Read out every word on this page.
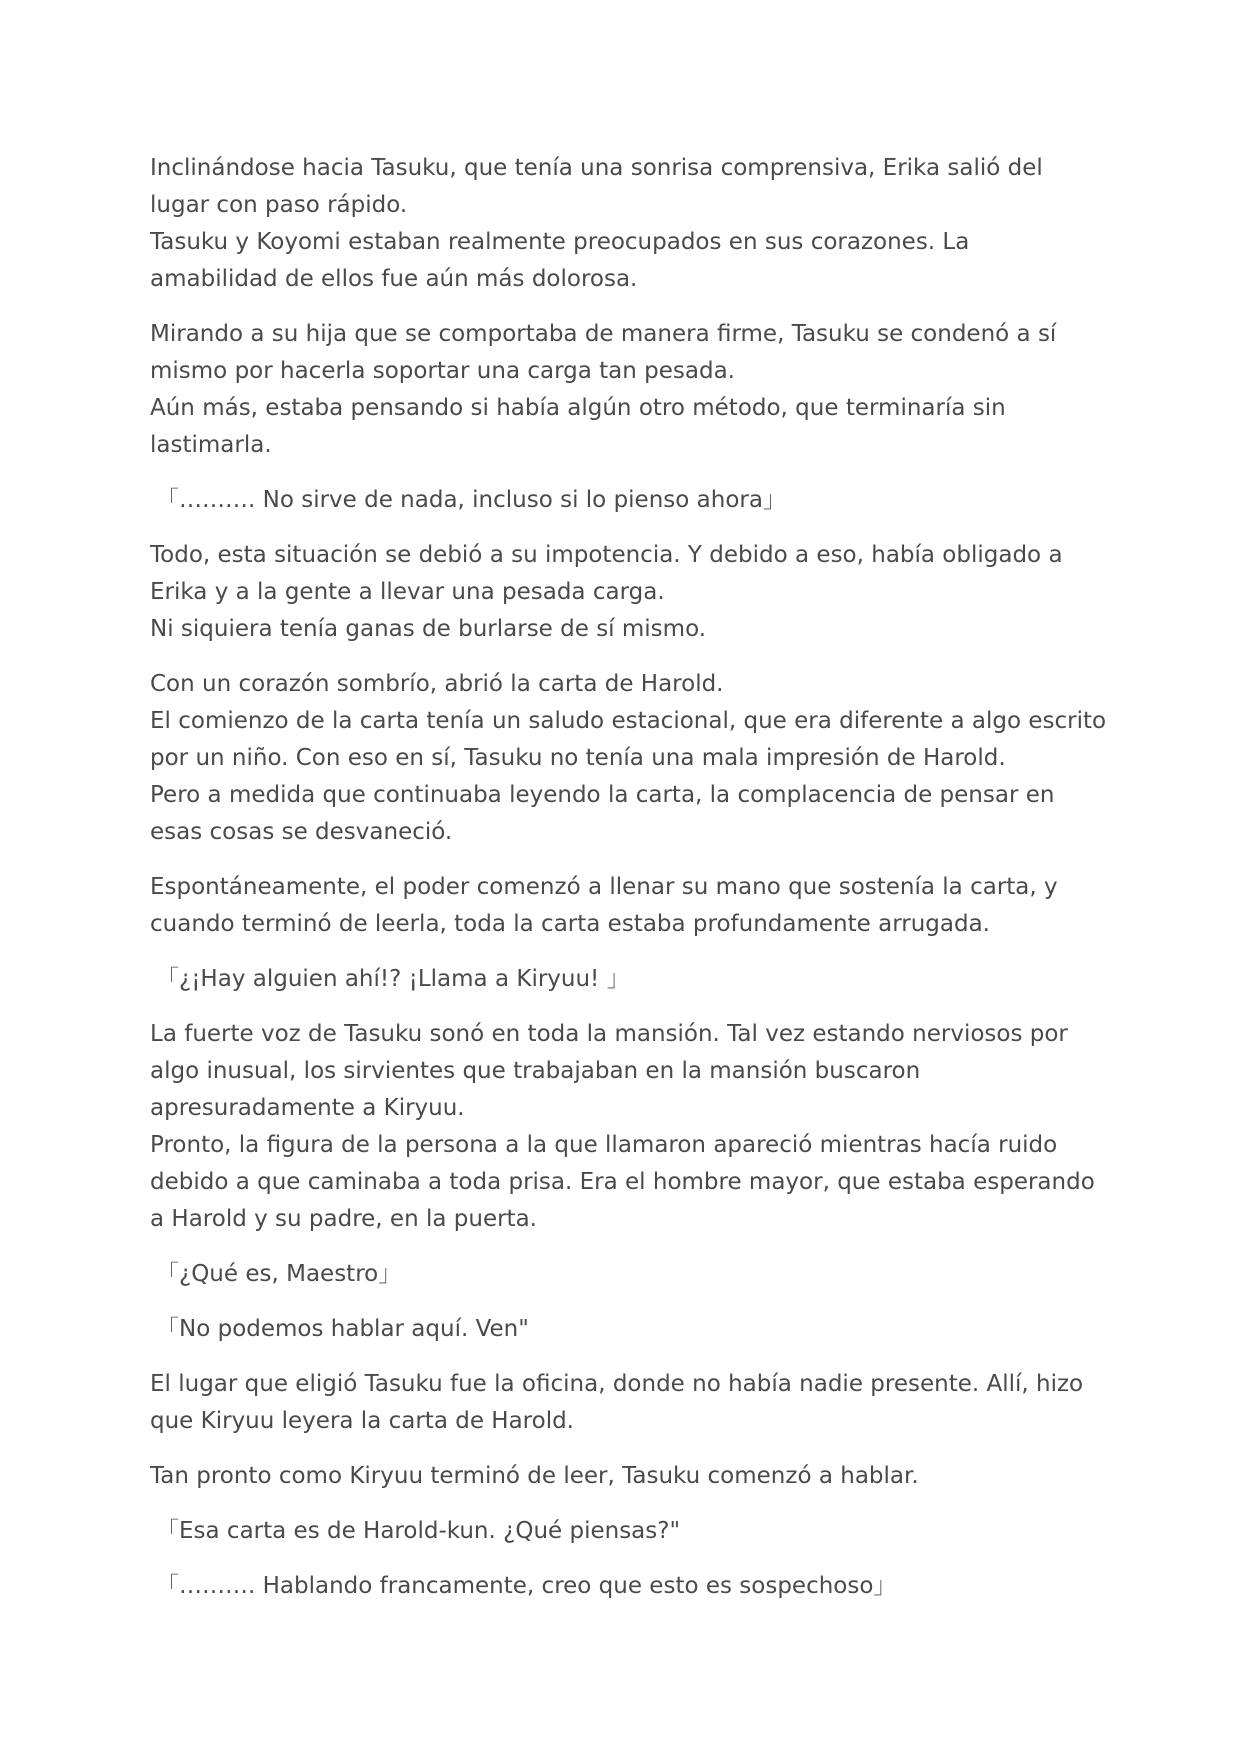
Inclinándose hacia Tasuku, que tenía una sonrisa comprensiva, Erika salió del
lugar con paso rápido.
Tasuku y Koyomi estaban realmente preocupados en sus corazones. La
amabilidad de ellos fue aún más dolorosa.

Mirando a su hija que se comportaba de manera firme, Tasuku se condenó a sí
mismo por hacerla soportar una carga tan pesada.
Aún más, estaba pensando si había algún otro método, que terminaría sin
lastimarla.

「………. No sirve de nada, incluso si lo pienso ahora」

Todo, esta situación se debió a su impotencia. Y debido a eso, había obligado a
Erika y a la gente a llevar una pesada carga.
Ni siquiera tenía ganas de burlarse de sí mismo.

Con un corazón sombrío, abrió la carta de Harold.
El comienzo de la carta tenía un saludo estacional, que era diferente a algo escrito
por un niño. Con eso en sí, Tasuku no tenía una mala impresión de Harold.
Pero a medida que continuaba leyendo la carta, la complacencia de pensar en
esas cosas se desvaneció.

Espontáneamente, el poder comenzó a llenar su mano que sostenía la carta, y
cuando terminó de leerla, toda la carta estaba profundamente arrugada.

「¿¡Hay alguien ahí!? ¡Llama a Kiryuu! 」

La fuerte voz de Tasuku sonó en toda la mansión. Tal vez estando nerviosos por
algo inusual, los sirvientes que trabajaban en la mansión buscaron
apresuradamente a Kiryuu.
Pronto, la figura de la persona a la que llamaron apareció mientras hacía ruido
debido a que caminaba a toda prisa. Era el hombre mayor, que estaba esperando
a Harold y su padre, en la puerta.

「¿Qué es, Maestro」

「No podemos hablar aquí. Ven"

El lugar que eligió Tasuku fue la oficina, donde no había nadie presente. Allí, hizo
que Kiryuu leyera la carta de Harold.

Tan pronto como Kiryuu terminó de leer, Tasuku comenzó a hablar.

「Esa carta es de Harold-kun. ¿Qué piensas?"

「………. Hablando francamente, creo que esto es sospechoso」
